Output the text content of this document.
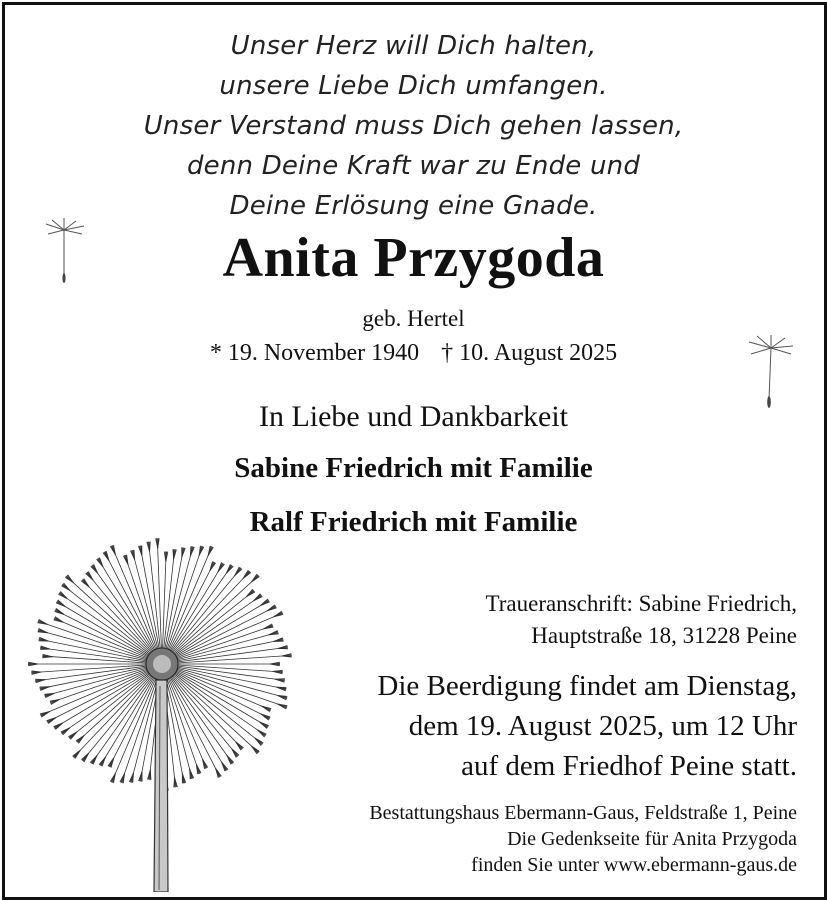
Unser Herz will Dich halten,
unsere Liebe Dich umfangen.
Unser Verstand muss Dich gehen lassen,
denn Deine Kraft war zu Ende und
Deine Erlösung eine Gnade.
Anita Przygoda
geb. Hertel
* 19. November 1940 † 10. August 2025
In Liebe und Dankbarkeit
Sabine Friedrich mit Familie
Ralf Friedrich mit Familie
Traueranschrift: Sabine Friedrich,
Hauptstraße 18, 31228 Peine
Die Beerdigung findet am Dienstag,
dem 19. August 2025, um 12 Uhr
auf dem Friedhof Peine statt.
Bestattungshaus Ebermann-Gaus, Feldstraße 1, Peine
Die Gedenkseite für Anita Przygoda
finden Sie unter www.ebermann-gaus.de
